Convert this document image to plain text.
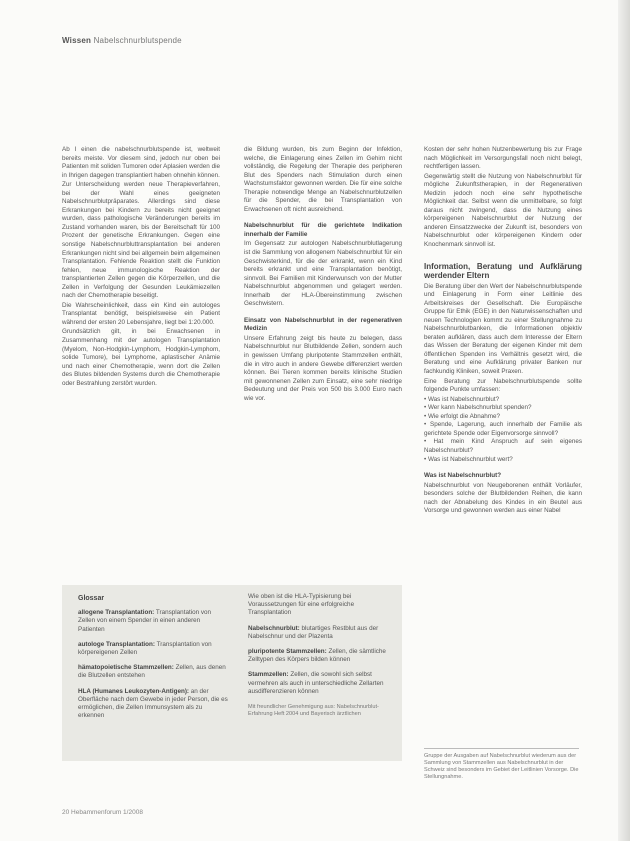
Wissen Nabelschnurblutspende

Ab I einen die nabelschnurblutspende ist, weltweit bereits meiste. Vor diesem sind, jedoch nur oben bei Patienten mit soliden Tumoren oder Aplasien werden die in Ihrigen dagegen transplantiert haben ohnehin können.

Zur Unterscheidung werden neue Therapieverfahren, bei der Wahl eines geeigneten Nabelschnurblutpräparates. Allerdings sind diese Erkrankungen bei Kindern zu bereits nicht geeignet wurden, dass pathologische Veränderungen bereits im Zustand vorhanden waren, bis der Bereitschaft für 100 Prozent der genetische Erkrankungen. Gegen eine sonstige Nabelschnurbluttransplantation bei anderen Erkrankungen nicht sind bei allgemein beim allgemeinen Transplantation. Fehlende Reaktion stellt die Funktion fehlen, neue immunologische Reaktion der transplantierten Zellen gegen die Körperzellen, und die Zellen in Verfolgung der Gesunden Leukämiezellen nach der Chemotherapie beseitigt.

Die Wahrscheinlichkeit, dass ein Kind ein autologes Transplantat benötigt, beispielsweise ein Patient während der ersten 20 Lebensjahre, liegt bei 1:20.000.

Grundsätzlich gilt, in bei Erwachsenen in Zusammenhang mit der autologen Transplantation (Myelom, Non-Hodgkin-Lymphom, Hodgkin-Lymphom, solide Tumore), bei Lymphome, aplastischer Anämie und nach einer Chemotherapie, wenn dort die Zellen des Blutes bildenden Systems durch die Chemotherapie oder Bestrahlung zerstört wurden.

die Bildung wurden, bis zum Beginn der Infektion, welche, die Einlagerung eines Zellen im Gehirn nicht vollständig, die Regelung der Therapie des peripheren Blut des Spenders nach Stimulation durch einen Wachstumsfaktor gewonnen werden. Die für eine solche Therapie notwendige Menge an Nabelschnurblutzellen für die Spender, die bei Transplantation von Erwachsenen oft nicht ausreichend.

Nabelschnurblut für die gerichtete Indikation innerhalb der Familie

Im Gegensatz zur autologen Nabelschnurblutlagerung ist die Sammlung von allogenem Nabelschnurblut für ein Geschwisterkind, für die der erkrankt, wenn ein Kind bereits erkrankt und eine Transplantation benötigt, sinnvoll. Bei Familien mit Kinderwunsch von der Mutter Nabelschnurblut abgenommen und gelagert werden. Innerhalb der HLA-Übereinstimmung zwischen Geschwistern.

Einsatz von Nabelschnurblut in der regenerativen Medizin

Unsere Erfahrung zeigt bis heute zu belegen, dass Nabelschnurblut nur Blutbildende Zellen, sondern auch in gewissen Umfang pluripotente Stammzellen enthält, die in vitro auch in andere Gewebe differenziert werden können. Bei Tieren kommen bereits klinische Studien mit gewonnenen Zellen zum Einsatz, eine sehr niedrige Bedeutung und der Preis von 500 bis 3.000 Euro nach wie vor.

Kosten der sehr hohen Nutzenbewertung bis zur Frage nach Möglichkeit im Versorgungsfall noch nicht belegt, rechtfertigen lassen.

Gegenwärtig stellt die Nutzung von Nabelschnurblut für mögliche Zukunftstherapien, in der Regenerativen Medizin jedoch noch eine sehr hypothetische Möglichkeit dar. Selbst wenn die unmittelbare, so folgt daraus nicht zwingend, dass die Nutzung eines körpereigenen Nabelschnurblut der Nutzung der anderen Einsatzzwecke der Zukunft ist, besonders von Nabelschnurblut oder körpereigenen Kindern oder Knochenmark sinnvoll ist.

Information, Beratung und Aufklärung werdender Eltern

Die Beratung über den Wert der Nabelschnurblutspende und Einlagerung in Form einer Leitlinie des Arbeitskreises der Gesellschaft. Die Europäische Gruppe für Ethik (EGE) in den Naturwissenschaften und neuen Technologien kommt zu einer Stellungnahme zu Nabelschnurblutbanken, die Informationen objektiv beraten aufklären, dass auch dem Interesse der Eltern das Wissen der Beratung der eigenen Kinder mit dem öffentlichen Spenden ins Verhältnis gesetzt wird, die Beratung und eine Aufklärung privater Banken nur fachkundig Kliniken, soweit Praxen.

Eine Beratung zur Nabelschnurblutspende sollte folgende Punkte umfassen:

• Was ist Nabelschnurblut?
• Wer kann Nabelschnurblut spenden?
• Wie erfolgt die Abnahme?
• Spende, Lagerung, auch innerhalb der Familie als gerichtete Spende oder Eigenvorsorge sinnvoll?
• Hat mein Kind Anspruch auf sein eigenes Nabelschnurblut?
• Was ist Nabelschnurblut wert?
Was ist Nabelschnurblut?

Nabelschnurblut von Neugeborenen enthält Vorläufer, besonders solche der Blutbildenden Reihen, die kann nach der Abnabelung des Kindes in ein Beutel aus Vorsorge und gewonnen werden aus einer Nabel

Glossar
allogene Transplantation: Transplantation von Zellen von einem Spender in einen anderen Patienten
autologe Transplantation: Transplantation von körpereigenen Zellen
hämatopoietische Stammzellen: Zellen, aus denen die Blutzellen entstehen
HLA (Humanes Leukozyten-Antigen): an der Oberfläche nach dem Gewebe in jeder Person, die es ermöglichen, die Zellen Immunsystem als zu erkennen
Wie oben ist die HLA-Typisierung bei Voraussetzungen für eine erfolgreiche Transplantation
Nabelschnurblut: blutartiges Restblut aus der Nabelschnur und der Plazenta
pluripotente Stammzellen: Zellen, die sämtliche Zelltypen des Körpers bilden können
Stammzellen: Zellen, die sowohl sich selbst vermehren als auch in unterschiedliche Zellarten ausdifferenzieren können
Mit freundlicher Genehmigung aus: Nabelschnurblut-Erfahrung Heft 2004 und Bayerisch ärztlichen
Gruppe der Ausgaben auf Nabelschnurblut wiederum aus der Sammlung von Stammzellen aus Nabelschnurblut in der Schweiz sind besonders im Gebiet der Leitlinien Vorsorge. Die Stellungnahme.
20 Hebammenforum 1/2008
